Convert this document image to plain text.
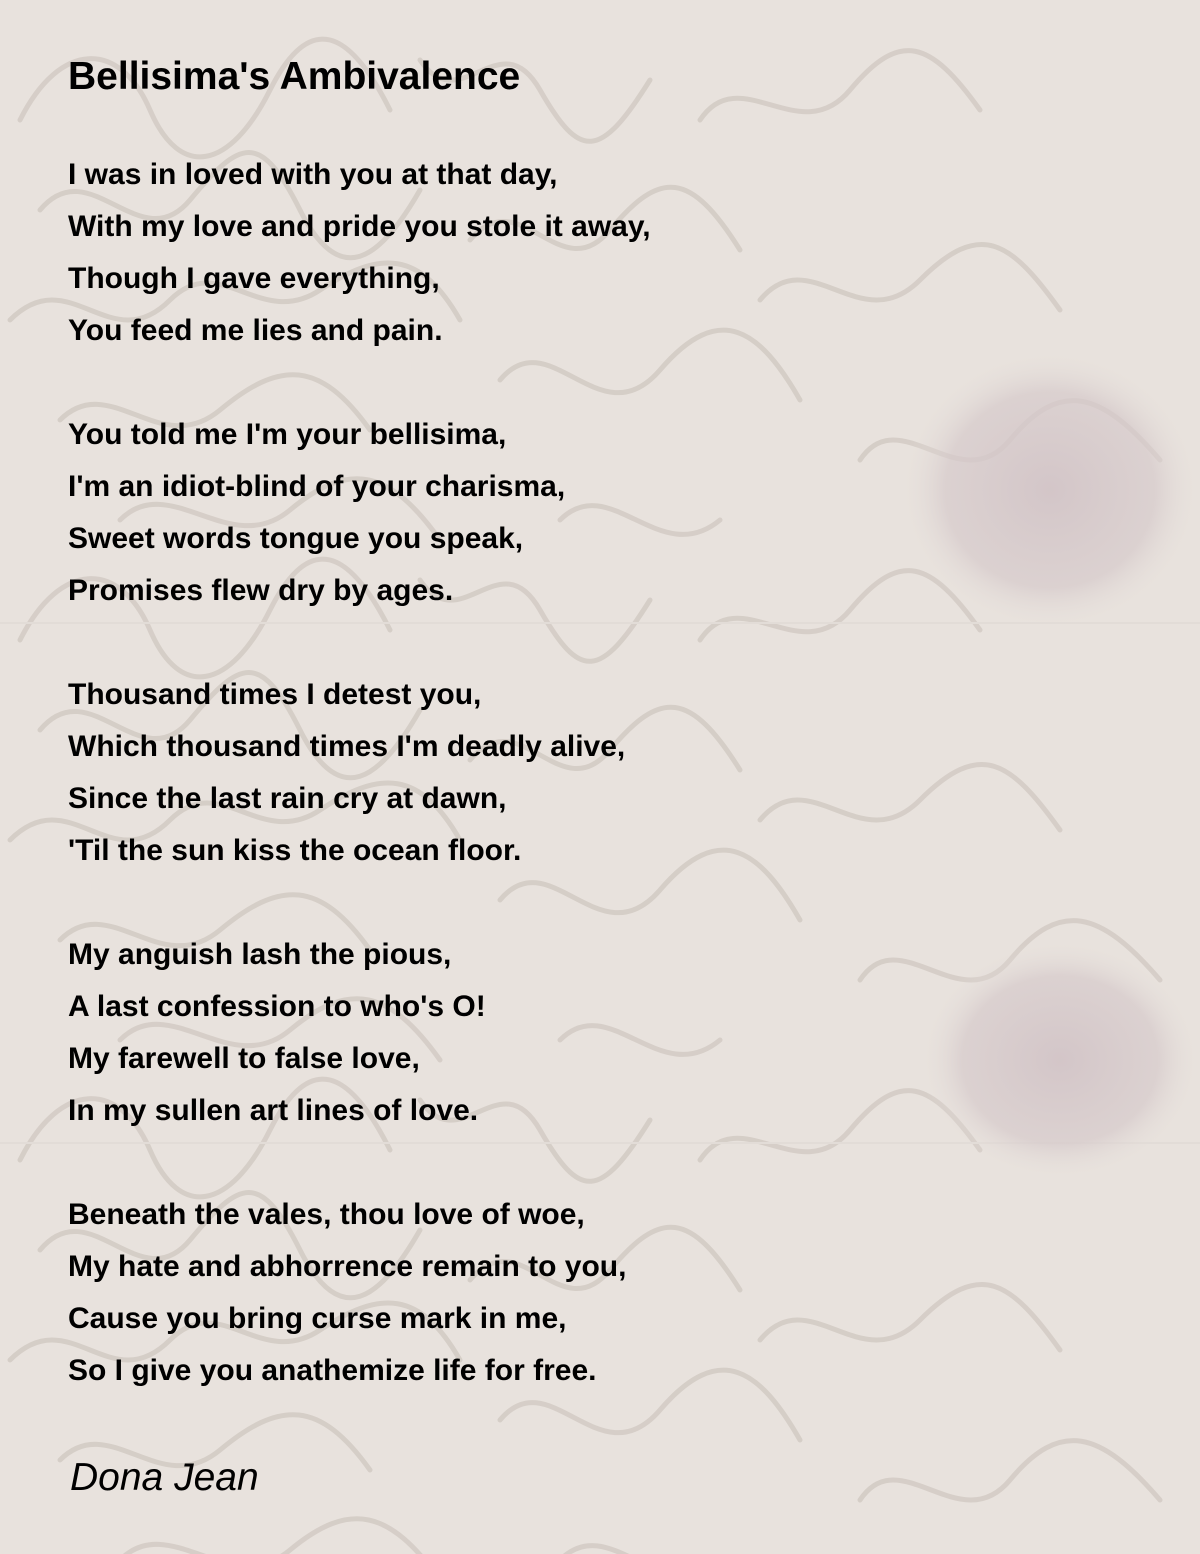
Bellisima's Ambivalence
I was in loved with you at that day,
With my love and pride you stole it away,
Though I gave everything,
You feed me lies and pain.
You told me I'm your bellisima,
I'm an idiot-blind of your charisma,
Sweet words tongue you speak,
Promises flew dry by ages.
Thousand times I detest you,
Which thousand times I'm deadly alive,
Since the last rain cry at dawn,
'Til the sun kiss the ocean floor.
My anguish lash the pious,
A last confession to who's O!
My farewell to false love,
In my sullen art lines of love.
Beneath the vales, thou love of woe,
My hate and abhorrence remain to you,
Cause you bring curse mark in me,
So I give you anathemize life for free.

Dona Jean
